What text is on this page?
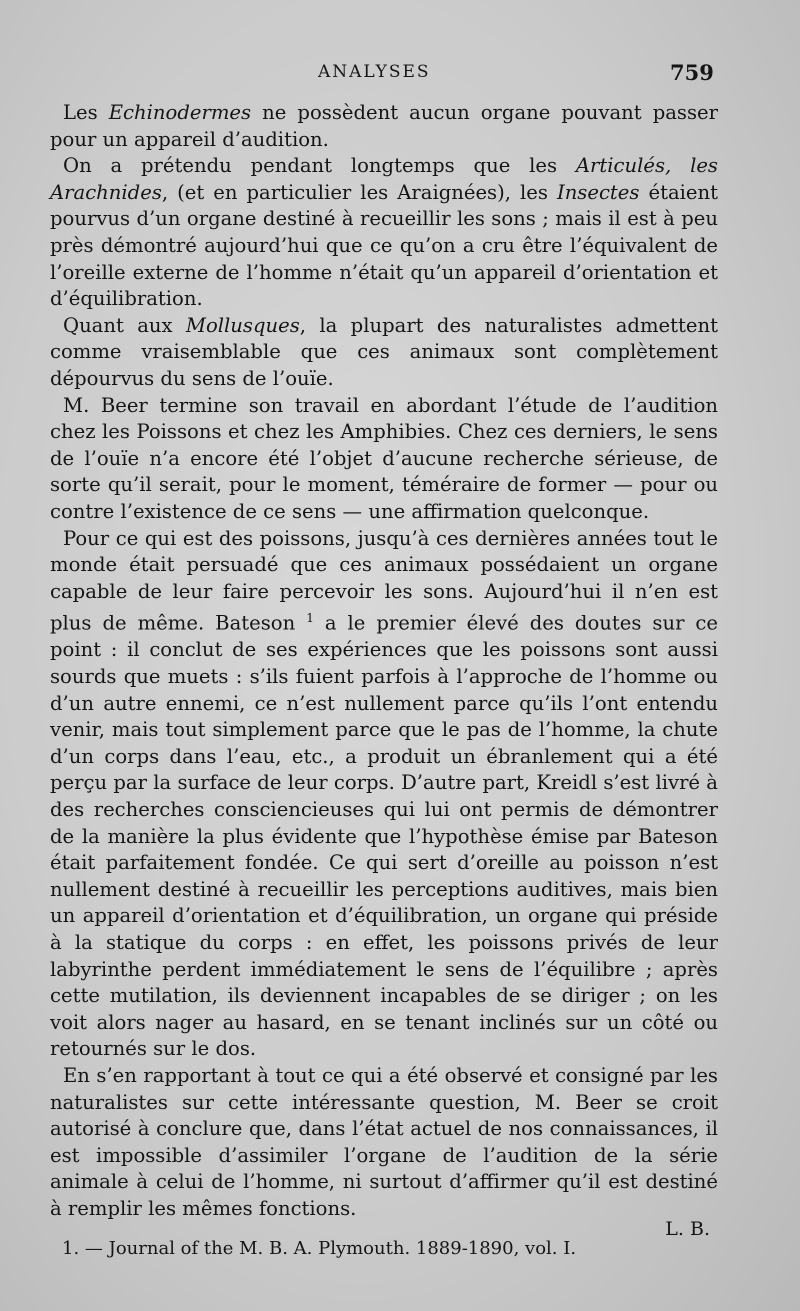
ANALYSES	759

Les Echinodermes ne possèdent aucun organe pouvant passer pour un appareil d’audition.

On a prétendu pendant longtemps que les Articulés, les Arachnides, (et en particulier les Araignées), les Insectes étaient pourvus d’un organe destiné à recueillir les sons ; mais il est à peu près démontré aujourd’hui que ce qu’on a cru être l’équivalent de l’oreille externe de l’homme n’était qu’un appareil d’orientation et d’équilibration.

Quant aux Mollusques, la plupart des naturalistes admettent comme vraisemblable que ces animaux sont complètement dépourvus du sens de l’ouïe.

M. Beer termine son travail en abordant l’étude de l’audition chez les Poissons et chez les Amphibies. Chez ces derniers, le sens de l’ouïe n’a encore été l’objet d’aucune recherche sérieuse, de sorte qu’il serait, pour le moment, téméraire de former — pour ou contre l’existence de ce sens — une affirmation quelconque.

Pour ce qui est des poissons, jusqu’à ces dernières années tout le monde était persuadé que ces animaux possédaient un organe capable de leur faire percevoir les sons. Aujourd’hui il n’en est plus de même. Bateson $^1$ a le premier élevé des doutes sur ce point : il conclut de ses expériences que les poissons sont aussi sourds que muets : s’ils fuient parfois à l’approche de l’homme ou d’un autre ennemi, ce n’est nullement parce qu’ils l’ont entendu venir, mais tout simplement parce que le pas de l’homme, la chute d’un corps dans l’eau, etc., a produit un ébranlement qui a été perçu par la surface de leur corps. D’autre part, Kreidl s’est livré à des recherches consciencieuses qui lui ont permis de démontrer de la manière la plus évidente que l’hypothèse émise par Bateson était parfaitement fondée. Ce qui sert d’oreille au poisson n’est nullement destiné à recueillir les perceptions auditives, mais bien un appareil d’orientation et d’équilibration, un organe qui préside à la statique du corps : en effet, les poissons privés de leur labyrinthe perdent immédiatement le sens de l’équilibre ; après cette mutilation, ils deviennent incapables de se diriger ; on les voit alors nager au hasard, en se tenant inclinés sur un côté ou retournés sur le dos.

En s’en rapportant à tout ce qui a été observé et consigné par les naturalistes sur cette intéressante question, M. Beer se croit autorisé à conclure que, dans l’état actuel de nos connaissances, il est impossible d’assimiler l’organe de l’audition de la série animale à celui de l’homme, ni surtout d’affirmer qu’il est destiné à remplir les mêmes fonctions.

L. B.
1. — Journal of the M. B. A. Plymouth. 1889-1890, vol. I.
